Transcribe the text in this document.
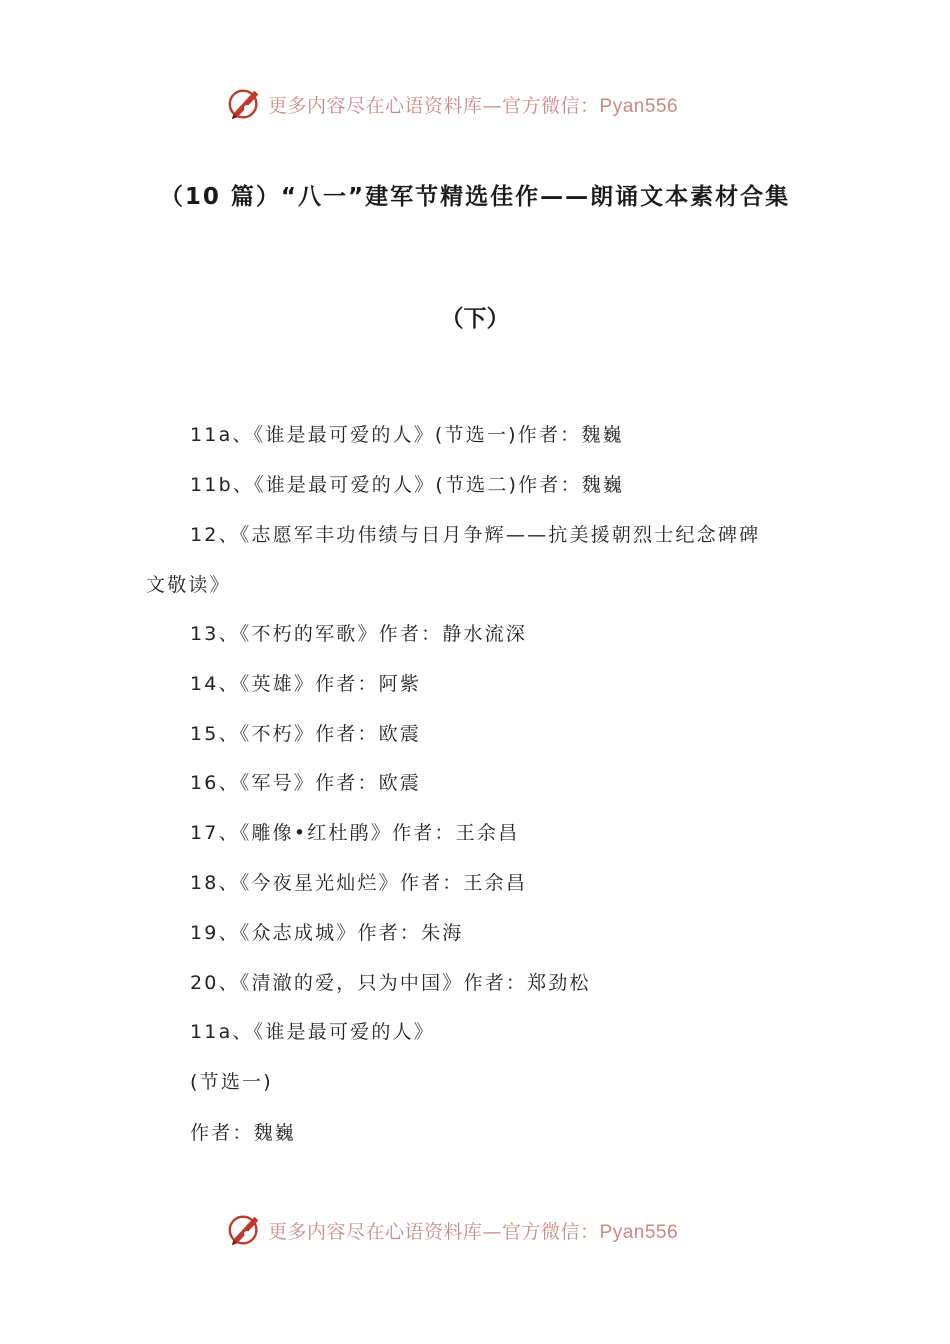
更多内容尽在心语资料库—官方微信：Pyan556
（10 篇）“八一”建军节精选佳作——朗诵文本素材合集
（下）
11a、《谁是最可爱的人》(节选一)作者：魏巍
11b、《谁是最可爱的人》(节选二)作者：魏巍
12、《志愿军丰功伟绩与日月争辉——抗美援朝烈士纪念碑碑
文敬读》
13、《不朽的军歌》作者：静水流深
14、《英雄》作者：阿紫
15、《不朽》作者：欧震
16、《军号》作者：欧震
17、《雕像•红杜鹃》作者：王余昌
18、《今夜星光灿烂》作者：王余昌
19、《众志成城》作者：朱海
20、《清澈的爱，只为中国》作者：郑劲松
11a、《谁是最可爱的人》
(节选一)
作者：魏巍
更多内容尽在心语资料库—官方微信：Pyan556
